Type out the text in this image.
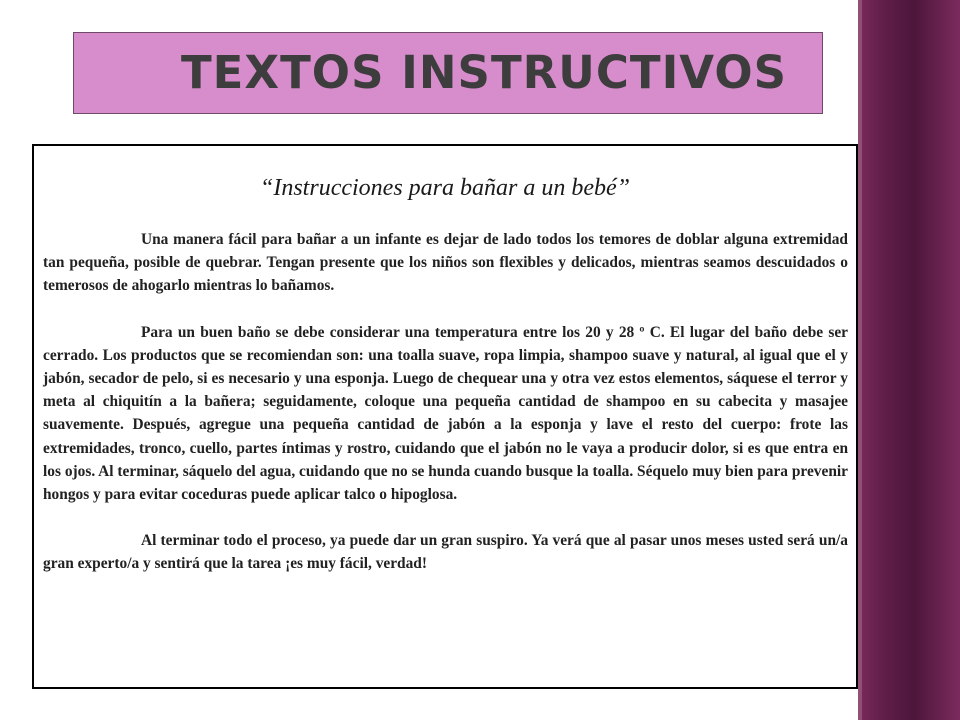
TEXTOS INSTRUCTIVOS
“Instrucciones para bañar a un bebé”

Una manera fácil para bañar a un infante es dejar de lado todos los temores de doblar alguna extremidad tan pequeña, posible de quebrar. Tengan presente que los niños son flexibles y delicados, mientras seamos descuidados o temerosos de ahogarlo mientras lo bañamos.

Para un buen baño se debe considerar una temperatura entre los 20 y 28 º C. El lugar del baño debe ser cerrado. Los productos que se recomiendan son: una toalla suave, ropa limpia, shampoo suave y natural, al igual que el y jabón, secador de pelo, si es necesario y una esponja. Luego de chequear una y otra vez estos elementos, sáquese el terror y meta al chiquitín a la bañera; seguidamente, coloque una pequeña cantidad de shampoo en su cabecita y masajee suavemente. Después, agregue una pequeña cantidad de jabón a la esponja y lave el resto del cuerpo: frote las extremidades, tronco, cuello, partes íntimas y rostro, cuidando que el jabón no le vaya a producir dolor, si es que entra en los ojos. Al terminar, sáquelo del agua, cuidando que no se hunda cuando busque la toalla. Séquelo muy bien para prevenir hongos y para evitar coceduras puede aplicar talco o hipoglosa.

Al terminar todo el proceso, ya puede dar un gran suspiro. Ya verá que al pasar unos meses usted será un/a gran experto/a y sentirá que la tarea ¡es muy fácil, verdad!
